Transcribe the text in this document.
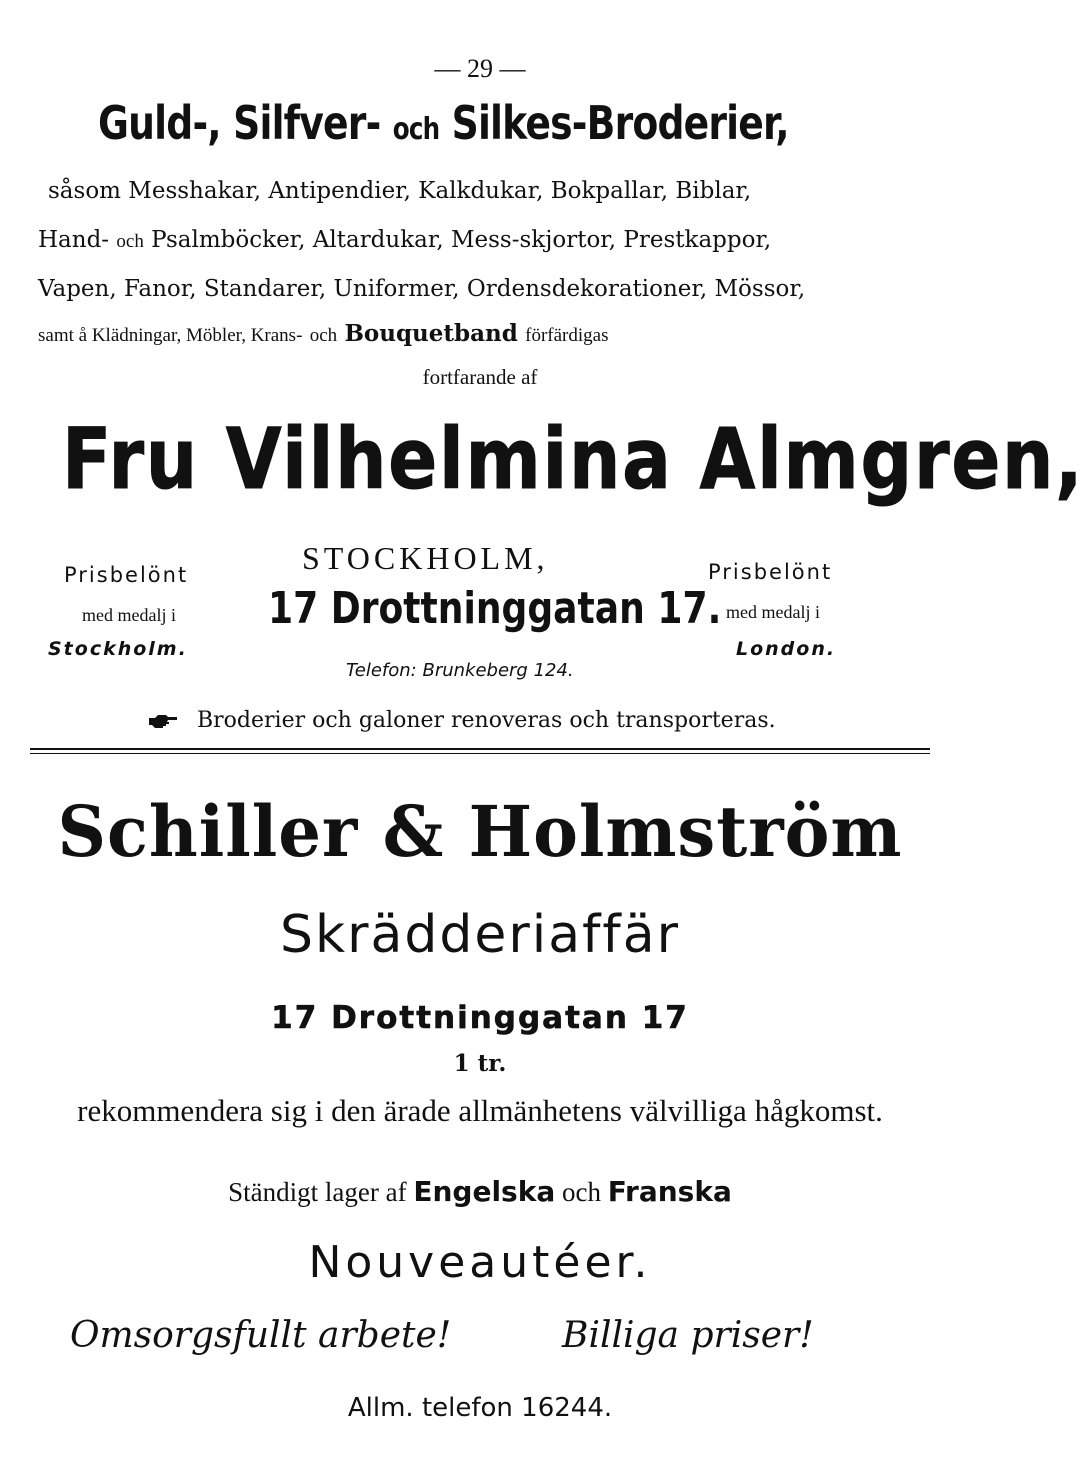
— 29 —
Guld-, Silfver- och Silkes-Broderier,
såsom Messhakar, Antipendier, Kalkdukar, Bokpallar, Biblar,
Hand- och Psalmböcker, Altardukar, Mess-skjortor, Prestkappor,
Vapen, Fanor, Standarer, Uniformer, Ordensdekorationer, Mössor,
samt å Klädningar, Möbler, Krans- och Bouquetband förfärdigas
fortfarande af
Fru Vilhelmina Almgren,
Prisbelönt
med medalj i
Stockholm.
STOCKHOLM,
17 Drottninggatan 17.
Telefon: Brunkeberg 124.
Prisbelönt
med medalj i
London.
Broderier och galoner renoveras och transporteras.
Schiller & Holmström
Skrädderiaffär
17 Drottninggatan 17
1 tr.
rekommendera sig i den ärade allmänhetens välvilliga hågkomst.
Ständigt lager af Engelska och Franska
Nouveautéer.
Omsorgsfullt arbete!	Billiga priser!
Allm. telefon 16244.
